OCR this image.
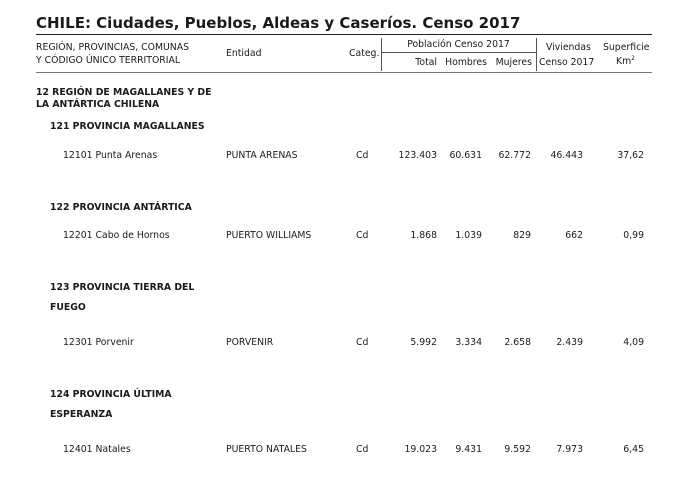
CHILE: Ciudades, Pueblos, Aldeas y Caseríos. Censo 2017
REGIÓN, PROVINCIAS, COMUNAS
Y CÓDIGO ÚNICO TERRITORIAL
Entidad	Categ.
Población Censo 2017
Total Hombres Mujeres
Viviendas
Censo 2017
Superficie
Km$^2$
12 REGIÓN DE MAGALLANES Y DE
LA ANTÁRTICA CHILENA
121 PROVINCIA MAGALLANES
12101 Punta Arenas	PUNTA ARENAS	Cd	123.403	60.631	62.772	46.443	37,62
122 PROVINCIA ANTÁRTICA
12201 Cabo de Hornos	PUERTO WILLIAMS	Cd	1.868	1.039	829	662	0,99
123 PROVINCIA TIERRA DEL
FUEGO
12301 Porvenir	PORVENIR	Cd	5.992	3.334	2.658	2.439	4,09
124 PROVINCIA ÚLTIMA
ESPERANZA
12401 Natales	PUERTO NATALES	Cd	19.023	9.431	9.592	7.973	6,45
